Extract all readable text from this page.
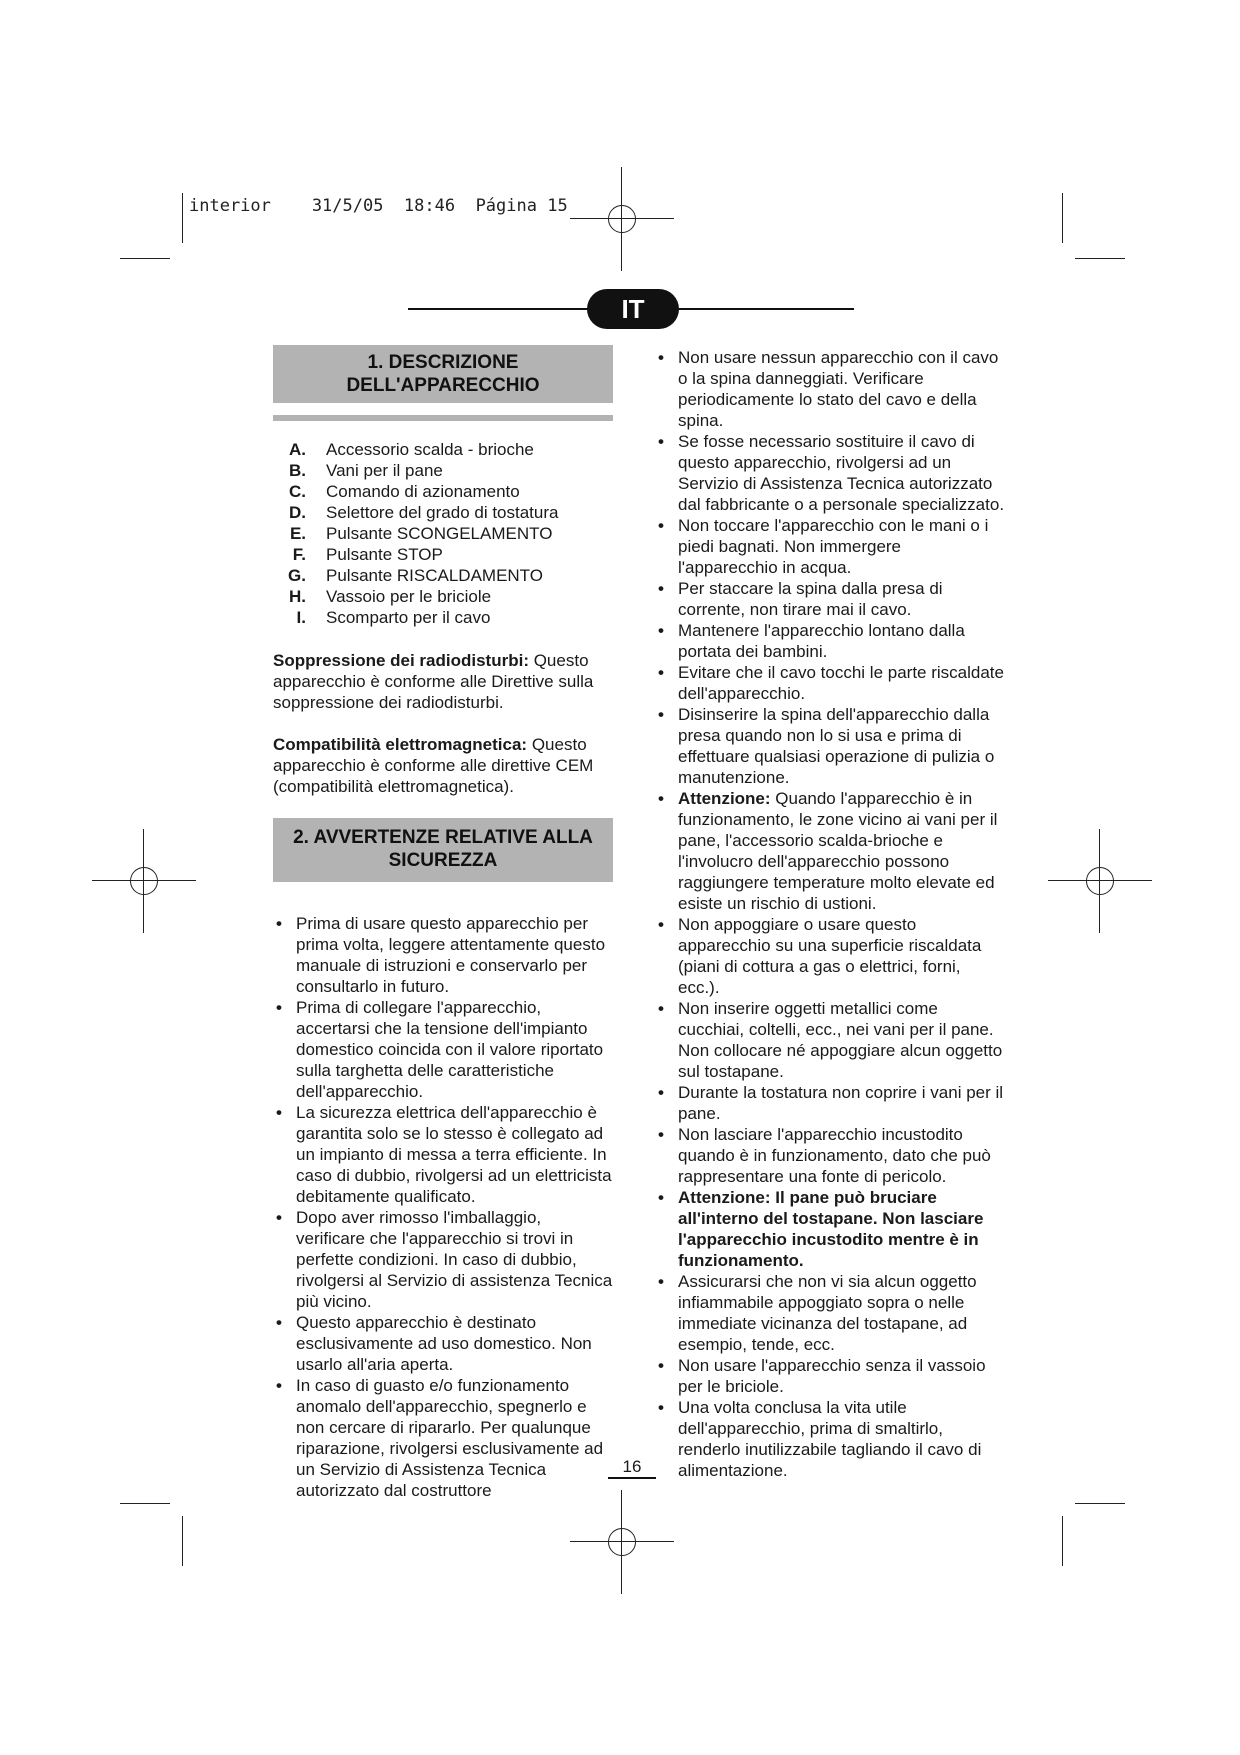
interior    31/5/05  18:46  Página 15
IT
1. DESCRIZIONE DELL'APPARECCHIO
A. Accessorio scalda - brioche
B. Vani per il pane
C. Comando di azionamento
D. Selettore del grado di tostatura
E. Pulsante SCONGELAMENTO
F. Pulsante STOP
G. Pulsante RISCALDAMENTO
H. Vassoio per le briciole
I. Scomparto per il cavo
Soppressione dei radiodisturbi: Questo apparecchio è conforme alle Direttive sulla soppressione dei radiodisturbi.
Compatibilità elettromagnetica: Questo apparecchio è conforme alle direttive CEM (compatibilità elettromagnetica).
2. AVVERTENZE RELATIVE ALLA
SICUREZZA
• Prima di usare questo apparecchio per prima volta, leggere attentamente questo manuale di istruzioni e conservarlo per consultarlo in futuro.
• Prima di collegare l'apparecchio, accertarsi che la tensione dell'impianto domestico coincida con il valore riportato sulla targhetta delle caratteristiche dell'apparecchio.
• La sicurezza elettrica dell'apparecchio è garantita solo se lo stesso è collegato ad un impianto di messa a terra efficiente. In caso di dubbio, rivolgersi ad un elettricista debitamente qualificato.
• Dopo aver rimosso l'imballaggio, verificare che l'apparecchio si trovi in perfette condizioni. In caso di dubbio, rivolgersi al Servizio di assistenza Tecnica più vicino.
• Questo apparecchio è destinato esclusivamente ad uso domestico. Non usarlo all'aria aperta.
• In caso di guasto e/o funzionamento anomalo dell'apparecchio, spegnerlo e non cercare di ripararlo. Per qualunque riparazione, rivolgersi esclusivamente ad un Servizio di Assistenza Tecnica autorizzato dal costruttore
• Non usare nessun apparecchio con il cavo o la spina danneggiati. Verificare periodicamente lo stato del cavo e della spina.
• Se fosse necessario sostituire il cavo di questo apparecchio, rivolgersi ad un Servizio di Assistenza Tecnica autorizzato dal fabbricante o a personale specializzato.
• Non toccare l'apparecchio con le mani o i piedi bagnati. Non immergere l'apparecchio in acqua.
• Per staccare la spina dalla presa di corrente, non tirare mai il cavo.
• Mantenere l'apparecchio lontano dalla portata dei bambini.
• Evitare che il cavo tocchi le parte riscaldate dell'apparecchio.
• Disinserire la spina dell'apparecchio dalla presa quando non lo si usa e prima di effettuare qualsiasi operazione di pulizia o manutenzione.
• Attenzione: Quando l'apparecchio è in funzionamento, le zone vicino ai vani per il pane, l'accessorio scalda-brioche e l'involucro dell'apparecchio possono raggiungere temperature molto elevate ed esiste un rischio di ustioni.
• Non appoggiare o usare questo apparecchio su una superficie riscaldata (piani di cottura a gas o elettrici, forni, ecc.).
• Non inserire oggetti metallici come cucchiai, coltelli, ecc., nei vani per il pane. Non collocare né appoggiare alcun oggetto sul tostapane.
• Durante la tostatura non coprire i vani per il pane.
• Non lasciare l'apparecchio incustodito quando è in funzionamento, dato che può rappresentare una fonte di pericolo.
• Attenzione: Il pane può bruciare all'interno del tostapane. Non lasciare l'apparecchio incustodito mentre è in funzionamento.
• Assicurarsi che non vi sia alcun oggetto infiammabile appoggiato sopra o nelle immediate vicinanza del tostapane, ad esempio, tende, ecc.
• Non usare l'apparecchio senza il vassoio per le briciole.
• Una volta conclusa la vita utile dell'apparecchio, prima di smaltirlo, renderlo inutilizzabile tagliando il cavo di alimentazione.
16
